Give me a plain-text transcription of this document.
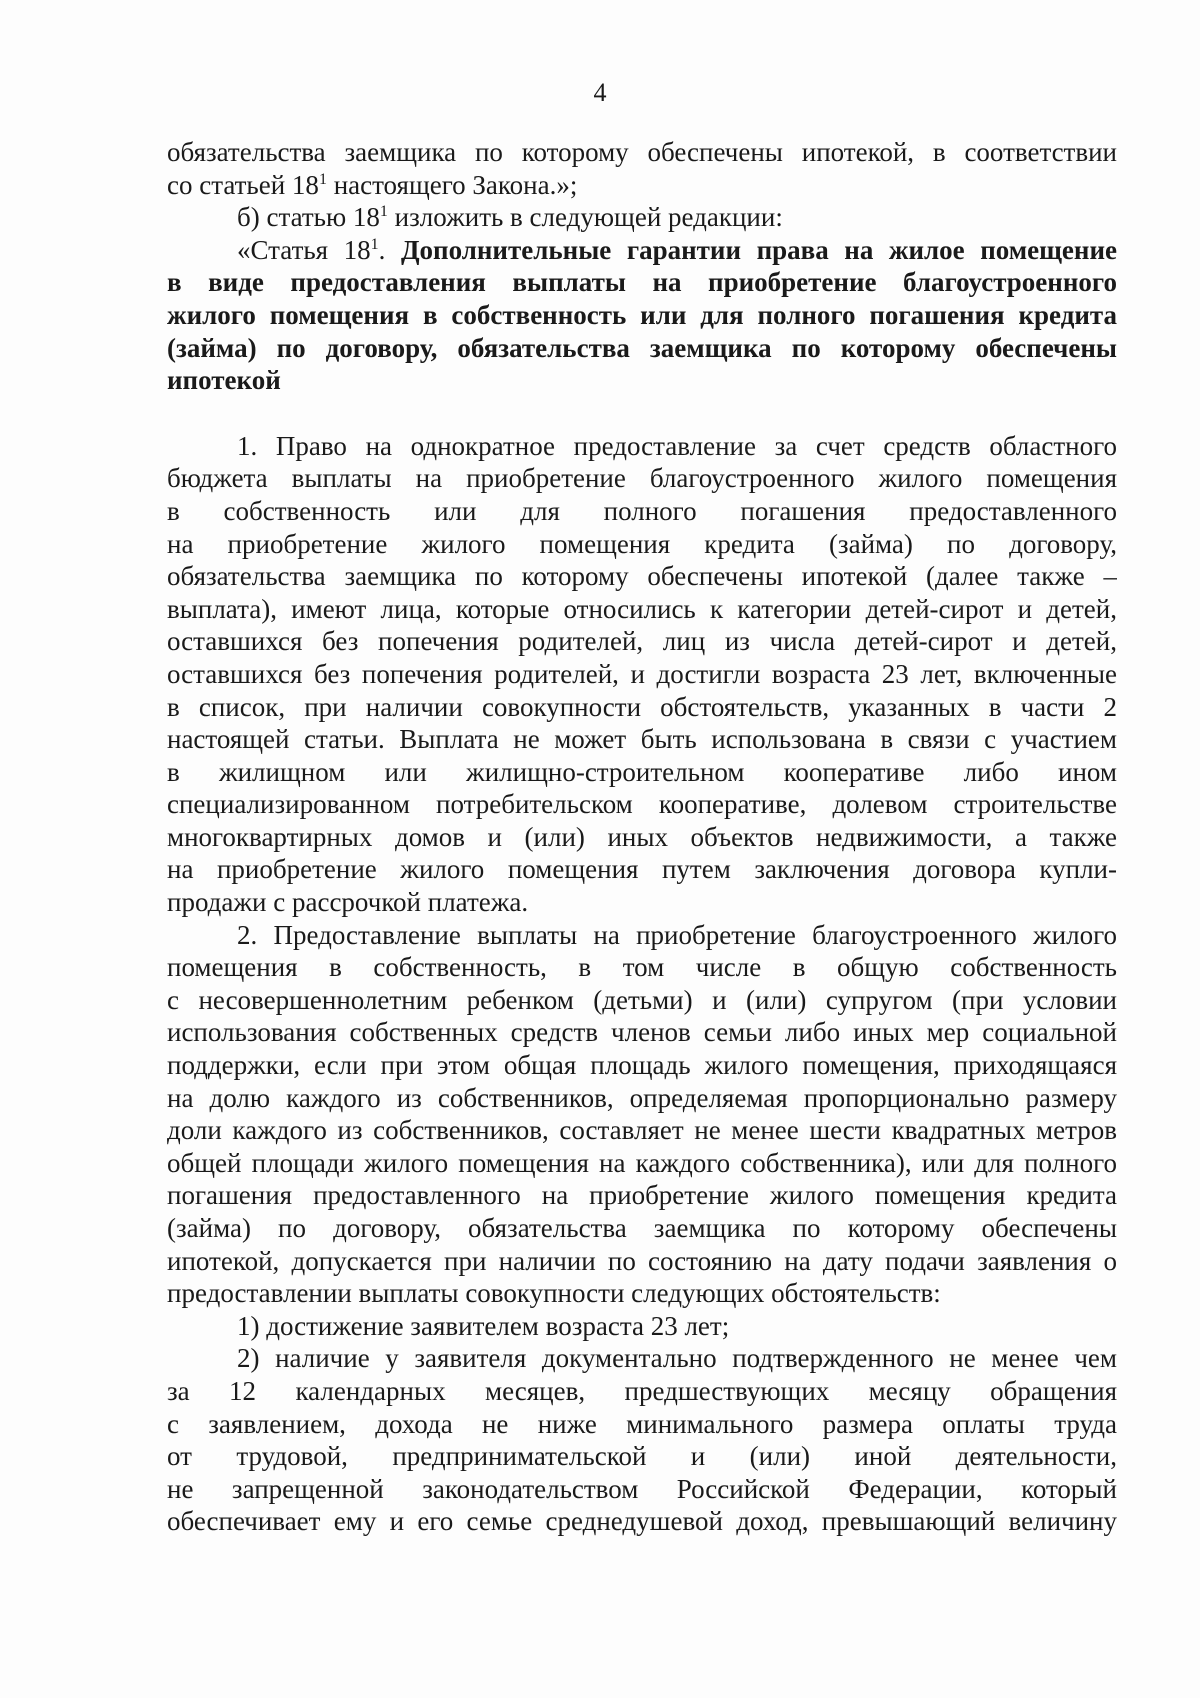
4
обязательства заемщика по которому обеспечены ипотекой, в соответствии
со статьей $18^1$ настоящего Закона.»;
б) статью $18^1$ изложить в следующей редакции:
«Статья $18^1$. Дополнительные гарантии права на жилое помещение
в виде предоставления выплаты на приобретение благоустроенного
жилого помещения в собственность или для полного погашения кредита
(займа) по договору, обязательства заемщика по которому обеспечены
ипотекой
1. Право на однократное предоставление за счет средств областного
бюджета выплаты на приобретение благоустроенного жилого помещения
в собственность или для полного погашения предоставленного
на приобретение жилого помещения кредита (займа) по договору,
обязательства заемщика по которому обеспечены ипотекой (далее также –
выплата), имеют лица, которые относились к категории детей-сирот и детей,
оставшихся без попечения родителей, лиц из числа детей-сирот и детей,
оставшихся без попечения родителей, и достигли возраста 23 лет, включенные
в список, при наличии совокупности обстоятельств, указанных в части 2
настоящей статьи. Выплата не может быть использована в связи с участием
в жилищном или жилищно-строительном кооперативе либо ином
специализированном потребительском кооперативе, долевом строительстве
многоквартирных домов и (или) иных объектов недвижимости, а также
на приобретение жилого помещения путем заключения договора купли-
продажи с рассрочкой платежа.
2. Предоставление выплаты на приобретение благоустроенного жилого
помещения в собственность, в том числе в общую собственность
с несовершеннолетним ребенком (детьми) и (или) супругом (при условии
использования собственных средств членов семьи либо иных мер социальной
поддержки, если при этом общая площадь жилого помещения, приходящаяся
на долю каждого из собственников, определяемая пропорционально размеру
доли каждого из собственников, составляет не менее шести квадратных метров
общей площади жилого помещения на каждого собственника), или для полного
погашения предоставленного на приобретение жилого помещения кредита
(займа) по договору, обязательства заемщика по которому обеспечены
ипотекой, допускается при наличии по состоянию на дату подачи заявления о
предоставлении выплаты совокупности следующих обстоятельств:
1) достижение заявителем возраста 23 лет;
2) наличие у заявителя документально подтвержденного не менее чем
за 12 календарных месяцев, предшествующих месяцу обращения
с заявлением, дохода не ниже минимального размера оплаты труда
от трудовой, предпринимательской и (или) иной деятельности,
не запрещенной законодательством Российской Федерации, который
обеспечивает ему и его семье среднедушевой доход, превышающий величину
